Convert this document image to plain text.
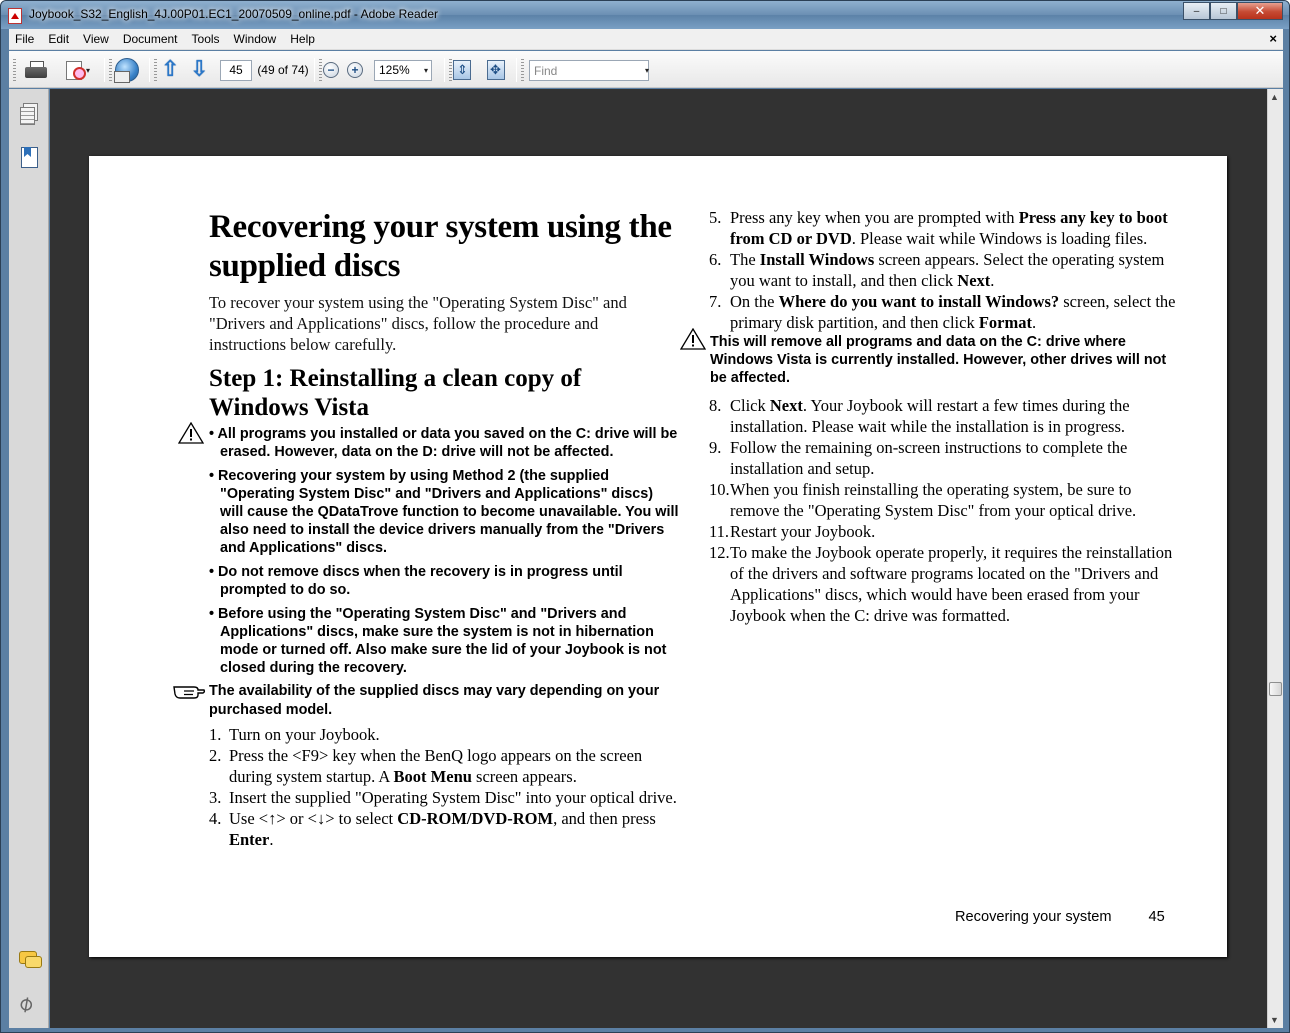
Joybook_S32_English_4J.00P01.EC1_20070509_online.pdf - Adobe Reader	‒	□	✕
File	Edit	View	Document	Tools	Window	Help	×
▾	⇧ ⇩	45	(49 of 74)	−	+	125% ▾ ⇕ ✥	Find	▾
⌀
Recovering your system using the supplied discs
To recover your system using the "Operating System Disc" and "Drivers and Applications" discs, follow the procedure and instructions below carefully.
Step 1: Reinstalling a clean copy of Windows Vista
• All programs you installed or data you saved on the C: drive will be erased. However, data on the D: drive will not be affected.
• Recovering your system by using Method 2 (the supplied "Operating System Disc" and "Drivers and Applications" discs) will cause the QDataTrove function to become unavailable. You will also need to install the device drivers manually from the "Drivers and Applications" discs.
• Do not remove discs when the recovery is in progress until prompted to do so.
• Before using the "Operating System Disc" and "Drivers and Applications" discs, make sure the system is not in hibernation mode or turned off. Also make sure the lid of your Joybook is not closed during the recovery.
The availability of the supplied discs may vary depending on your purchased model.
1. Turn on your Joybook.
2. Press the <F9> key when the BenQ logo appears on the screen during system startup. A Boot Menu screen appears.
3. Insert the supplied "Operating System Disc" into your optical drive.
4. Use <↑> or <↓> to select CD-ROM/DVD-ROM, and then press Enter.
5. Press any key when you are prompted with Press any key to boot from CD or DVD. Please wait while Windows is loading files.
6. The Install Windows screen appears. Select the operating system you want to install, and then click Next.
7. On the Where do you want to install Windows? screen, select the primary disk partition, and then click Format.
This will remove all programs and data on the C: drive where Windows Vista is currently installed. However, other drives will not be affected.
8. Click Next. Your Joybook will restart a few times during the installation. Please wait while the installation is in progress.
9. Follow the remaining on-screen instructions to complete the installation and setup.
10. When you finish reinstalling the operating system, be sure to remove the "Operating System Disc" from your optical drive.
11. Restart your Joybook.
12. To make the Joybook operate properly, it requires the reinstallation of the drivers and software programs located on the "Drivers and Applications" discs, which would have been erased from your Joybook when the C: drive was formatted.
Recovering your system	45
▲
▼
